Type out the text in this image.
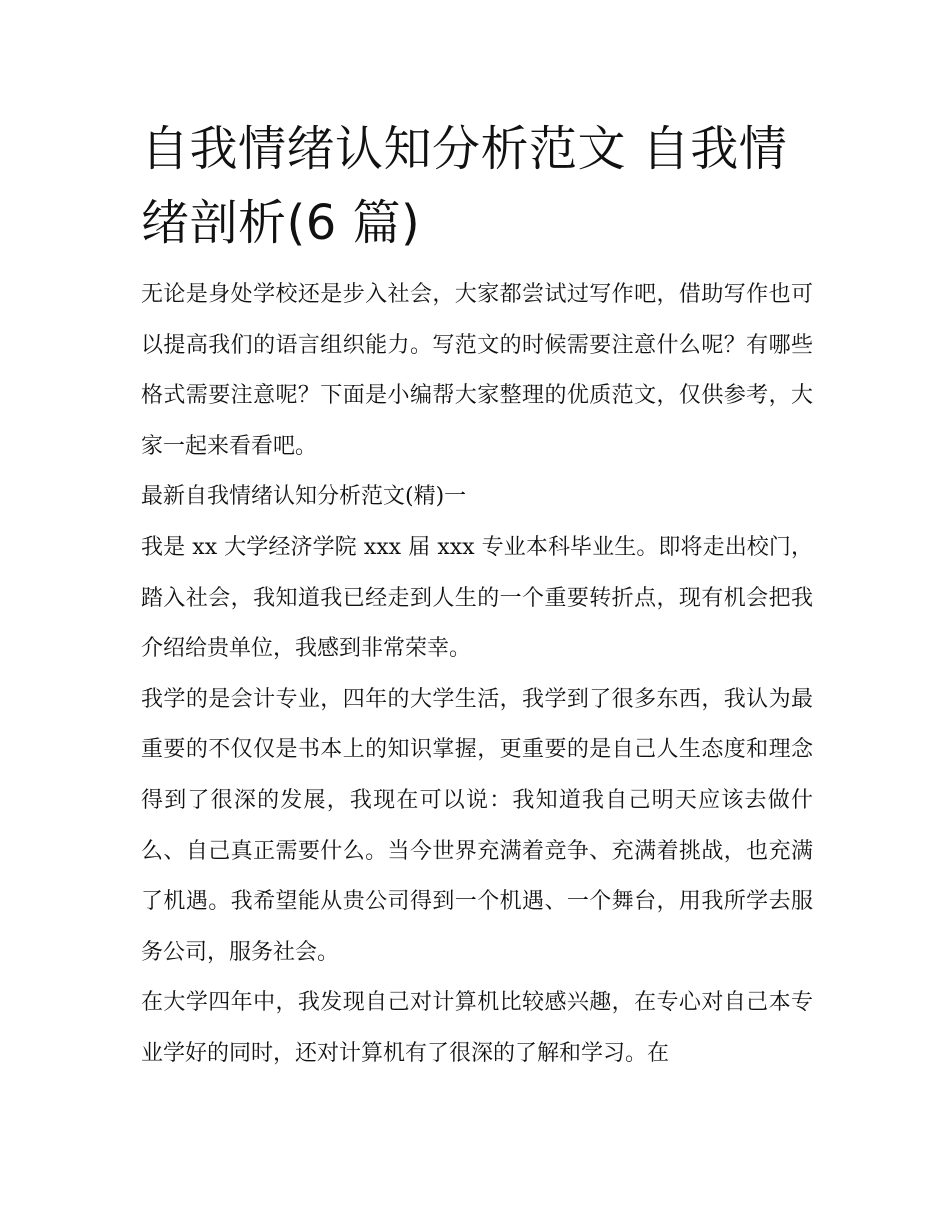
自我情绪认知分析范文 自我情绪剖析(6 篇)

无论是身处学校还是步入社会，大家都尝试过写作吧，借助写作也可以提高我们的语言组织能力。写范文的时候需要注意什么呢？有哪些格式需要注意呢？下面是小编帮大家整理的优质范文，仅供参考，大家一起来看看吧。

最新自我情绪认知分析范文(精)一

我是 xx 大学经济学院 xxx 届 xxx 专业本科毕业生。即将走出校门，踏入社会，我知道我已经走到人生的一个重要转折点，现有机会把我介绍给贵单位，我感到非常荣幸。

我学的是会计专业，四年的大学生活，我学到了很多东西，我认为最重要的不仅仅是书本上的知识掌握，更重要的是自己人生态度和理念得到了很深的发展，我现在可以说：我知道我自己明天应该去做什么、自己真正需要什么。当今世界充满着竞争、充满着挑战，也充满了机遇。我希望能从贵公司得到一个机遇、一个舞台，用我所学去服务公司，服务社会。

在大学四年中，我发现自己对计算机比较感兴趣，在专心对自己本专业学好的同时，还对计算机有了很深的了解和学习。在
